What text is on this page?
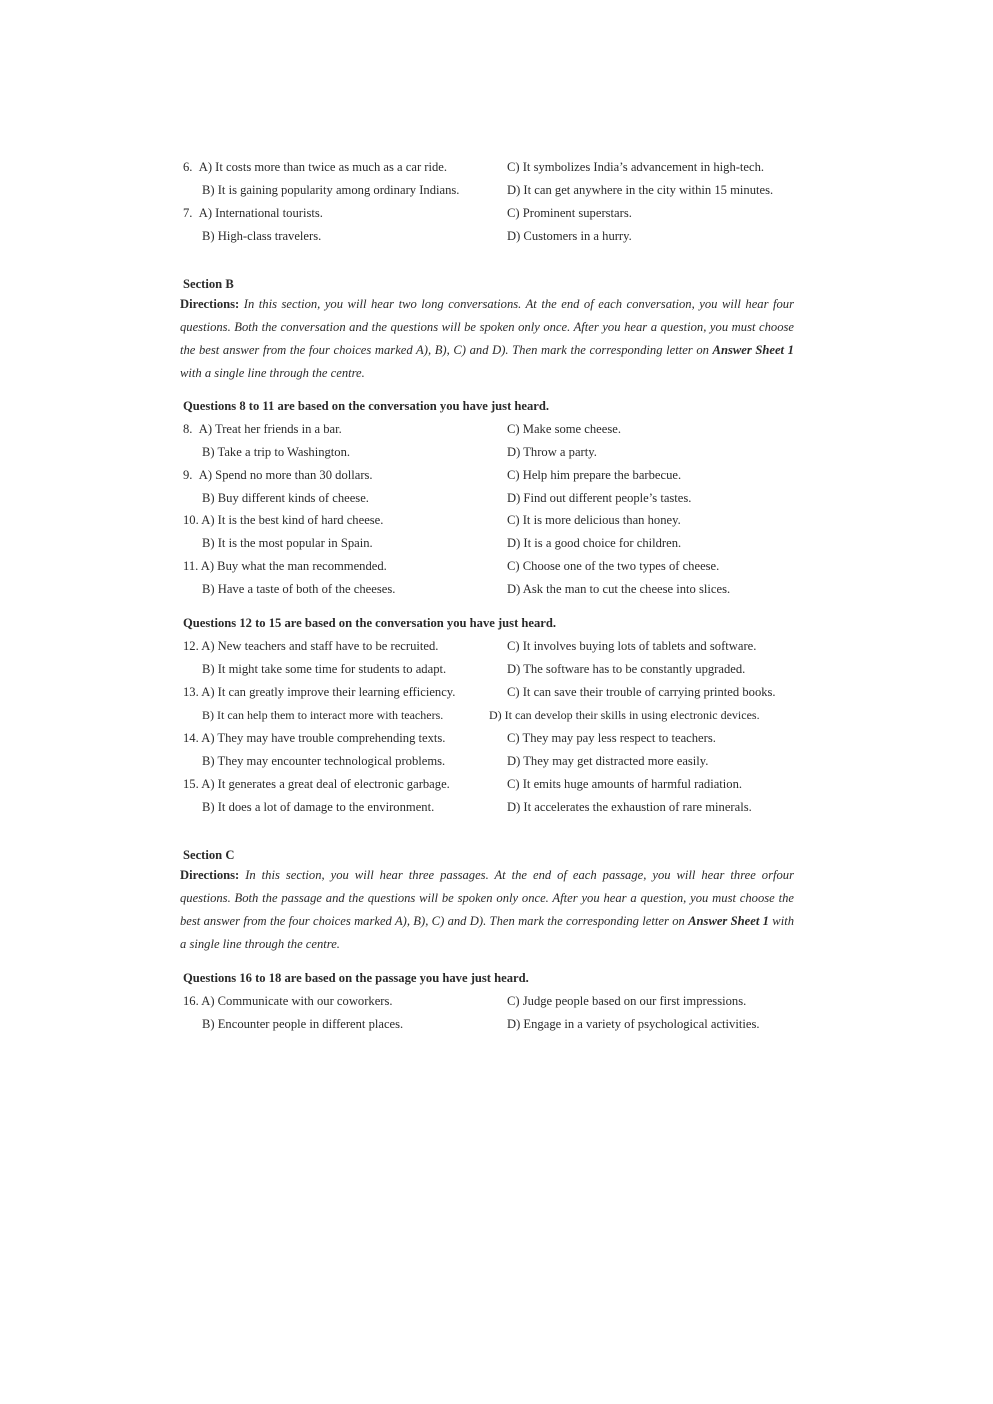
6. A) It costs more than twice as much as a car ride.	C) It symbolizes India’s advancement in high-tech.
B) It is gaining popularity among ordinary Indians.	D) It can get anywhere in the city within 15 minutes.
7. A) International tourists.	C) Prominent superstars.
B) High-class travelers.	D) Customers in a hurry.
Section B
Directions: In this section, you will hear two long conversations. At the end of each conversation, you will hear four questions. Both the conversation and the questions will be spoken only once. After you hear a question, you must choose the best answer from the four choices marked A), B), C) and D). Then mark the corresponding letter on Answer Sheet 1 with a single line through the centre.
Questions 8 to 11 are based on the conversation you have just heard.
8. A) Treat her friends in a bar.	C) Make some cheese.
B) Take a trip to Washington.	D) Throw a party.
9. A) Spend no more than 30 dollars.	C) Help him prepare the barbecue.
B) Buy different kinds of cheese.	D) Find out different people’s tastes.
10. A) It is the best kind of hard cheese.	C) It is more delicious than honey.
B) It is the most popular in Spain.	D) It is a good choice for children.
11. A) Buy what the man recommended.	C) Choose one of the two types of cheese.
B) Have a taste of both of the cheeses.	D) Ask the man to cut the cheese into slices.
Questions 12 to 15 are based on the conversation you have just heard.
12. A) New teachers and staff have to be recruited.	C) It involves buying lots of tablets and software.
B) It might take some time for students to adapt.	D) The software has to be constantly upgraded.
13. A) It can greatly improve their learning efficiency.	C) It can save their trouble of carrying printed books.
B) It can help them to interact more with teachers.	D) It can develop their skills in using electronic devices.
14. A) They may have trouble comprehending texts.	C) They may pay less respect to teachers.
B) They may encounter technological problems.	D) They may get distracted more easily.
15. A) It generates a great deal of electronic garbage.	C) It emits huge amounts of harmful radiation.
B) It does a lot of damage to the environment.	D) It accelerates the exhaustion of rare minerals.
Section C
Directions: In this section, you will hear three passages. At the end of each passage, you will hear three orfour questions. Both the passage and the questions will be spoken only once. After you hear a question, you must choose the best answer from the four choices marked A), B), C) and D). Then mark the corresponding letter on Answer Sheet 1 with a single line through the centre.
Questions 16 to 18 are based on the passage you have just heard.
16. A) Communicate with our coworkers.	C) Judge people based on our first impressions.
B) Encounter people in different places.	D) Engage in a variety of psychological activities.
